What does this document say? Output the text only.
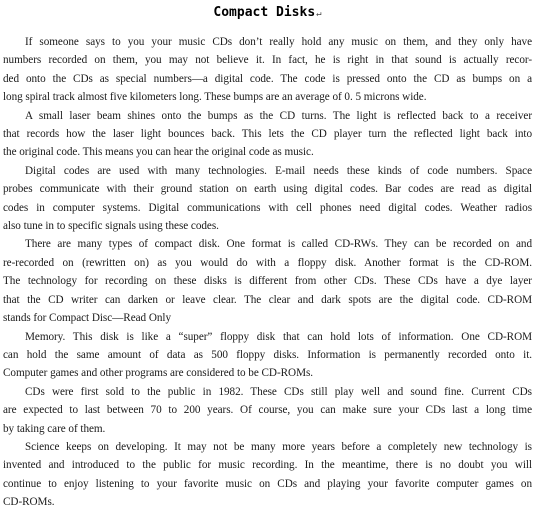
Compact Disks↵

If someone says to you your music CDs don’t really hold any music on them, and they only have
numbers recorded on them, you may not believe it. In fact, he is right in that sound is actually recor-
ded onto the CDs as special numbers—a digital code. The code is pressed onto the CD as bumps on a
long spiral track almost five kilometers long. These bumps are an average of 0. 5 microns wide.

A small laser beam shines onto the bumps as the CD turns. The light is reflected back to a receiver
that records how the laser light bounces back. This lets the CD player turn the reflected light back into
the original code. This means you can hear the original code as music.

Digital codes are used with many technologies. E-mail needs these kinds of code numbers. Space
probes communicate with their ground station on earth using digital codes. Bar codes are read as digital
codes in computer systems. Digital communications with cell phones need digital codes. Weather radios
also tune in to specific signals using these codes.

There are many types of compact disk. One format is called CD-RWs. They can be recorded on and
re-recorded on (rewritten on) as you would do with a floppy disk. Another format is the CD-ROM.
The technology for recording on these disks is different from other CDs. These CDs have a dye layer
that the CD writer can darken or leave clear. The clear and dark spots are the digital code. CD-ROM
stands for Compact Disc—Read Only

Memory. This disk is like a “super” floppy disk that can hold lots of information. One CD-ROM
can hold the same amount of data as 500 floppy disks. Information is permanently recorded onto it.
Computer games and other programs are considered to be CD-ROMs.

CDs were first sold to the public in 1982. These CDs still play well and sound fine. Current CDs
are expected to last between 70 to 200 years. Of course, you can make sure your CDs last a long time
by taking care of them.

Science keeps on developing. It may not be many more years before a completely new technology is
invented and introduced to the public for music recording. In the meantime, there is no doubt you will
continue to enjoy listening to your favorite music on CDs and playing your favorite computer games on
CD-ROMs.
